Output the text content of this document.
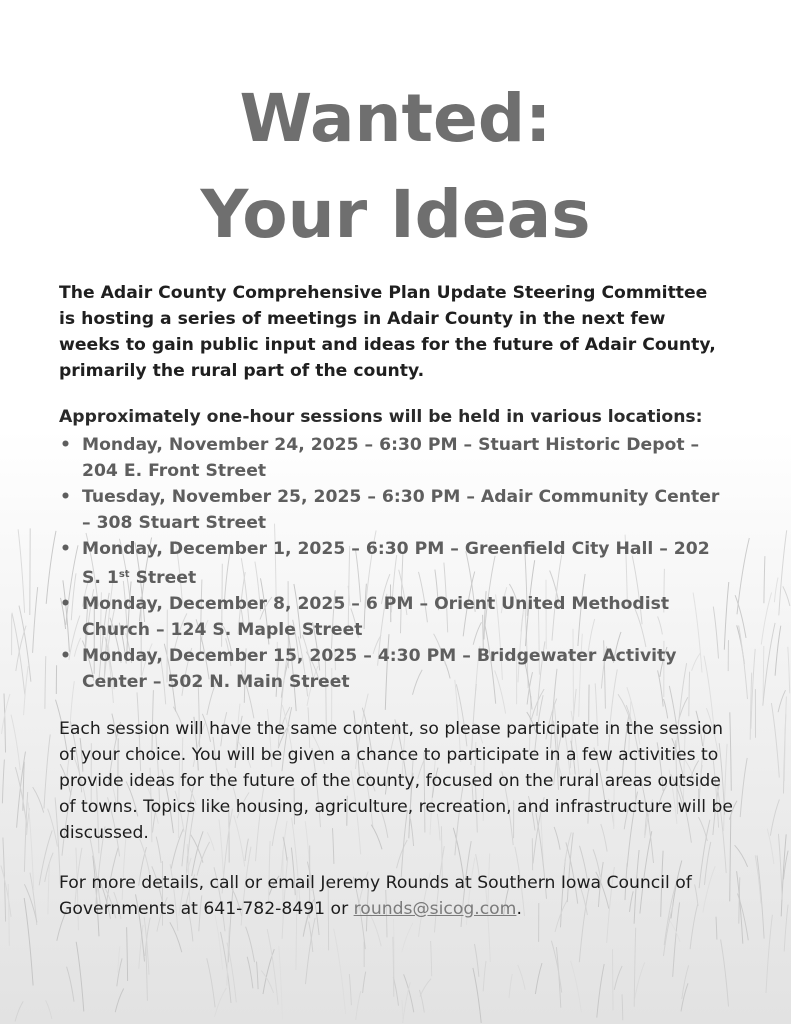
Wanted:
Your Ideas

The Adair County Comprehensive Plan Update Steering Committee is hosting a series of meetings in Adair County in the next few weeks to gain public input and ideas for the future of Adair County, primarily the rural part of the county.

Approximately one-hour sessions will be held in various locations:

• Monday, November 24, 2025 – 6:30 PM – Stuart Historic Depot – 204 E. Front Street
• Tuesday, November 25, 2025 – 6:30 PM – Adair Community Center – 308 Stuart Street
• Monday, December 1, 2025 – 6:30 PM – Greenfield City Hall – 202 S. 1st Street
• Monday, December 8, 2025 – 6 PM – Orient United Methodist Church – 124 S. Maple Street
• Monday, December 15, 2025 – 4:30 PM – Bridgewater Activity Center – 502 N. Main Street

Each session will have the same content, so please participate in the session of your choice. You will be given a chance to participate in a few activities to provide ideas for the future of the county, focused on the rural areas outside of towns. Topics like housing, agriculture, recreation, and infrastructure will be discussed.

For more details, call or email Jeremy Rounds at Southern Iowa Council of Governments at 641-782-8491 or rounds@sicog.com.
